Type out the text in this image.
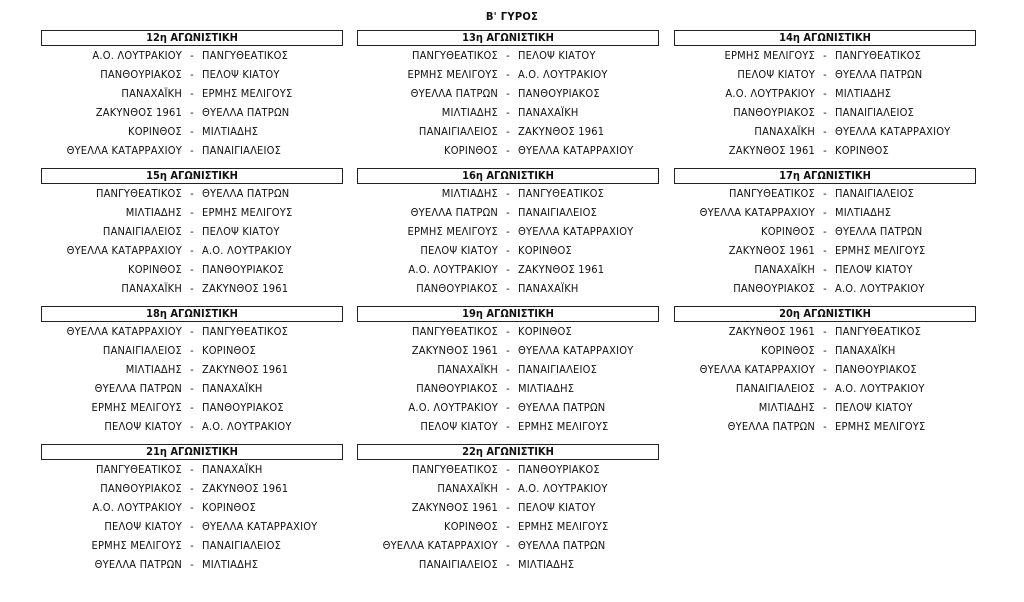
Β' ΓΥΡΟΣ
12η ΑΓΩΝΙΣΤΙΚΗ
Α.Ο. ΛΟΥΤΡΑΚΙΟΥ - ΠΑΝΓΥΘΕΑΤΙΚΟΣ
ΠΑΝΘΟΥΡΙΑΚΟΣ - ΠΕΛΟΨ ΚΙΑΤΟΥ
ΠΑΝΑΧΑΪΚΗ - ΕΡΜΗΣ ΜΕΛΙΓΟΥΣ
ΖΑΚΥΝΘΟΣ 1961 - ΘΥΕΛΛΑ ΠΑΤΡΩΝ
ΚΟΡΙΝΘΟΣ - ΜΙΛΤΙΑΔΗΣ
ΘΥΕΛΛΑ ΚΑΤΑΡΡΑΧΙΟΥ - ΠΑΝΑΙΓΙΑΛΕΙΟΣ
13η ΑΓΩΝΙΣΤΙΚΗ
ΠΑΝΓΥΘΕΑΤΙΚΟΣ - ΠΕΛΟΨ ΚΙΑΤΟΥ
ΕΡΜΗΣ ΜΕΛΙΓΟΥΣ - Α.Ο. ΛΟΥΤΡΑΚΙΟΥ
ΘΥΕΛΛΑ ΠΑΤΡΩΝ - ΠΑΝΘΟΥΡΙΑΚΟΣ
ΜΙΛΤΙΑΔΗΣ - ΠΑΝΑΧΑΪΚΗ
ΠΑΝΑΙΓΙΑΛΕΙΟΣ - ΖΑΚΥΝΘΟΣ 1961
ΚΟΡΙΝΘΟΣ - ΘΥΕΛΛΑ ΚΑΤΑΡΡΑΧΙΟΥ
14η ΑΓΩΝΙΣΤΙΚΗ
ΕΡΜΗΣ ΜΕΛΙΓΟΥΣ - ΠΑΝΓΥΘΕΑΤΙΚΟΣ
ΠΕΛΟΨ ΚΙΑΤΟΥ - ΘΥΕΛΛΑ ΠΑΤΡΩΝ
Α.Ο. ΛΟΥΤΡΑΚΙΟΥ - ΜΙΛΤΙΑΔΗΣ
ΠΑΝΘΟΥΡΙΑΚΟΣ - ΠΑΝΑΙΓΙΑΛΕΙΟΣ
ΠΑΝΑΧΑΪΚΗ - ΘΥΕΛΛΑ ΚΑΤΑΡΡΑΧΙΟΥ
ΖΑΚΥΝΘΟΣ 1961 - ΚΟΡΙΝΘΟΣ
15η ΑΓΩΝΙΣΤΙΚΗ
ΠΑΝΓΥΘΕΑΤΙΚΟΣ - ΘΥΕΛΛΑ ΠΑΤΡΩΝ
ΜΙΛΤΙΑΔΗΣ - ΕΡΜΗΣ ΜΕΛΙΓΟΥΣ
ΠΑΝΑΙΓΙΑΛΕΙΟΣ - ΠΕΛΟΨ ΚΙΑΤΟΥ
ΘΥΕΛΛΑ ΚΑΤΑΡΡΑΧΙΟΥ - Α.Ο. ΛΟΥΤΡΑΚΙΟΥ
ΚΟΡΙΝΘΟΣ - ΠΑΝΘΟΥΡΙΑΚΟΣ
ΠΑΝΑΧΑΪΚΗ - ΖΑΚΥΝΘΟΣ 1961
16η ΑΓΩΝΙΣΤΙΚΗ
ΜΙΛΤΙΑΔΗΣ - ΠΑΝΓΥΘΕΑΤΙΚΟΣ
ΘΥΕΛΛΑ ΠΑΤΡΩΝ - ΠΑΝΑΙΓΙΑΛΕΙΟΣ
ΕΡΜΗΣ ΜΕΛΙΓΟΥΣ - ΘΥΕΛΛΑ ΚΑΤΑΡΡΑΧΙΟΥ
ΠΕΛΟΨ ΚΙΑΤΟΥ - ΚΟΡΙΝΘΟΣ
Α.Ο. ΛΟΥΤΡΑΚΙΟΥ - ΖΑΚΥΝΘΟΣ 1961
ΠΑΝΘΟΥΡΙΑΚΟΣ - ΠΑΝΑΧΑΪΚΗ
17η ΑΓΩΝΙΣΤΙΚΗ
ΠΑΝΓΥΘΕΑΤΙΚΟΣ - ΠΑΝΑΙΓΙΑΛΕΙΟΣ
ΘΥΕΛΛΑ ΚΑΤΑΡΡΑΧΙΟΥ - ΜΙΛΤΙΑΔΗΣ
ΚΟΡΙΝΘΟΣ - ΘΥΕΛΛΑ ΠΑΤΡΩΝ
ΖΑΚΥΝΘΟΣ 1961 - ΕΡΜΗΣ ΜΕΛΙΓΟΥΣ
ΠΑΝΑΧΑΪΚΗ - ΠΕΛΟΨ ΚΙΑΤΟΥ
ΠΑΝΘΟΥΡΙΑΚΟΣ - Α.Ο. ΛΟΥΤΡΑΚΙΟΥ
18η ΑΓΩΝΙΣΤΙΚΗ
ΘΥΕΛΛΑ ΚΑΤΑΡΡΑΧΙΟΥ - ΠΑΝΓΥΘΕΑΤΙΚΟΣ
ΠΑΝΑΙΓΙΑΛΕΙΟΣ - ΚΟΡΙΝΘΟΣ
ΜΙΛΤΙΑΔΗΣ - ΖΑΚΥΝΘΟΣ 1961
ΘΥΕΛΛΑ ΠΑΤΡΩΝ - ΠΑΝΑΧΑΪΚΗ
ΕΡΜΗΣ ΜΕΛΙΓΟΥΣ - ΠΑΝΘΟΥΡΙΑΚΟΣ
ΠΕΛΟΨ ΚΙΑΤΟΥ - Α.Ο. ΛΟΥΤΡΑΚΙΟΥ
19η ΑΓΩΝΙΣΤΙΚΗ
ΠΑΝΓΥΘΕΑΤΙΚΟΣ - ΚΟΡΙΝΘΟΣ
ΖΑΚΥΝΘΟΣ 1961 - ΘΥΕΛΛΑ ΚΑΤΑΡΡΑΧΙΟΥ
ΠΑΝΑΧΑΪΚΗ - ΠΑΝΑΙΓΙΑΛΕΙΟΣ
ΠΑΝΘΟΥΡΙΑΚΟΣ - ΜΙΛΤΙΑΔΗΣ
Α.Ο. ΛΟΥΤΡΑΚΙΟΥ - ΘΥΕΛΛΑ ΠΑΤΡΩΝ
ΠΕΛΟΨ ΚΙΑΤΟΥ - ΕΡΜΗΣ ΜΕΛΙΓΟΥΣ
20η ΑΓΩΝΙΣΤΙΚΗ
ΖΑΚΥΝΘΟΣ 1961 - ΠΑΝΓΥΘΕΑΤΙΚΟΣ
ΚΟΡΙΝΘΟΣ - ΠΑΝΑΧΑΪΚΗ
ΘΥΕΛΛΑ ΚΑΤΑΡΡΑΧΙΟΥ - ΠΑΝΘΟΥΡΙΑΚΟΣ
ΠΑΝΑΙΓΙΑΛΕΙΟΣ - Α.Ο. ΛΟΥΤΡΑΚΙΟΥ
ΜΙΛΤΙΑΔΗΣ - ΠΕΛΟΨ ΚΙΑΤΟΥ
ΘΥΕΛΛΑ ΠΑΤΡΩΝ - ΕΡΜΗΣ ΜΕΛΙΓΟΥΣ
21η ΑΓΩΝΙΣΤΙΚΗ
ΠΑΝΓΥΘΕΑΤΙΚΟΣ - ΠΑΝΑΧΑΪΚΗ
ΠΑΝΘΟΥΡΙΑΚΟΣ - ΖΑΚΥΝΘΟΣ 1961
Α.Ο. ΛΟΥΤΡΑΚΙΟΥ - ΚΟΡΙΝΘΟΣ
ΠΕΛΟΨ ΚΙΑΤΟΥ - ΘΥΕΛΛΑ ΚΑΤΑΡΡΑΧΙΟΥ
ΕΡΜΗΣ ΜΕΛΙΓΟΥΣ - ΠΑΝΑΙΓΙΑΛΕΙΟΣ
ΘΥΕΛΛΑ ΠΑΤΡΩΝ - ΜΙΛΤΙΑΔΗΣ
22η ΑΓΩΝΙΣΤΙΚΗ
ΠΑΝΓΥΘΕΑΤΙΚΟΣ - ΠΑΝΘΟΥΡΙΑΚΟΣ
ΠΑΝΑΧΑΪΚΗ - Α.Ο. ΛΟΥΤΡΑΚΙΟΥ
ΖΑΚΥΝΘΟΣ 1961 - ΠΕΛΟΨ ΚΙΑΤΟΥ
ΚΟΡΙΝΘΟΣ - ΕΡΜΗΣ ΜΕΛΙΓΟΥΣ
ΘΥΕΛΛΑ ΚΑΤΑΡΡΑΧΙΟΥ - ΘΥΕΛΛΑ ΠΑΤΡΩΝ
ΠΑΝΑΙΓΙΑΛΕΙΟΣ - ΜΙΛΤΙΑΔΗΣ
